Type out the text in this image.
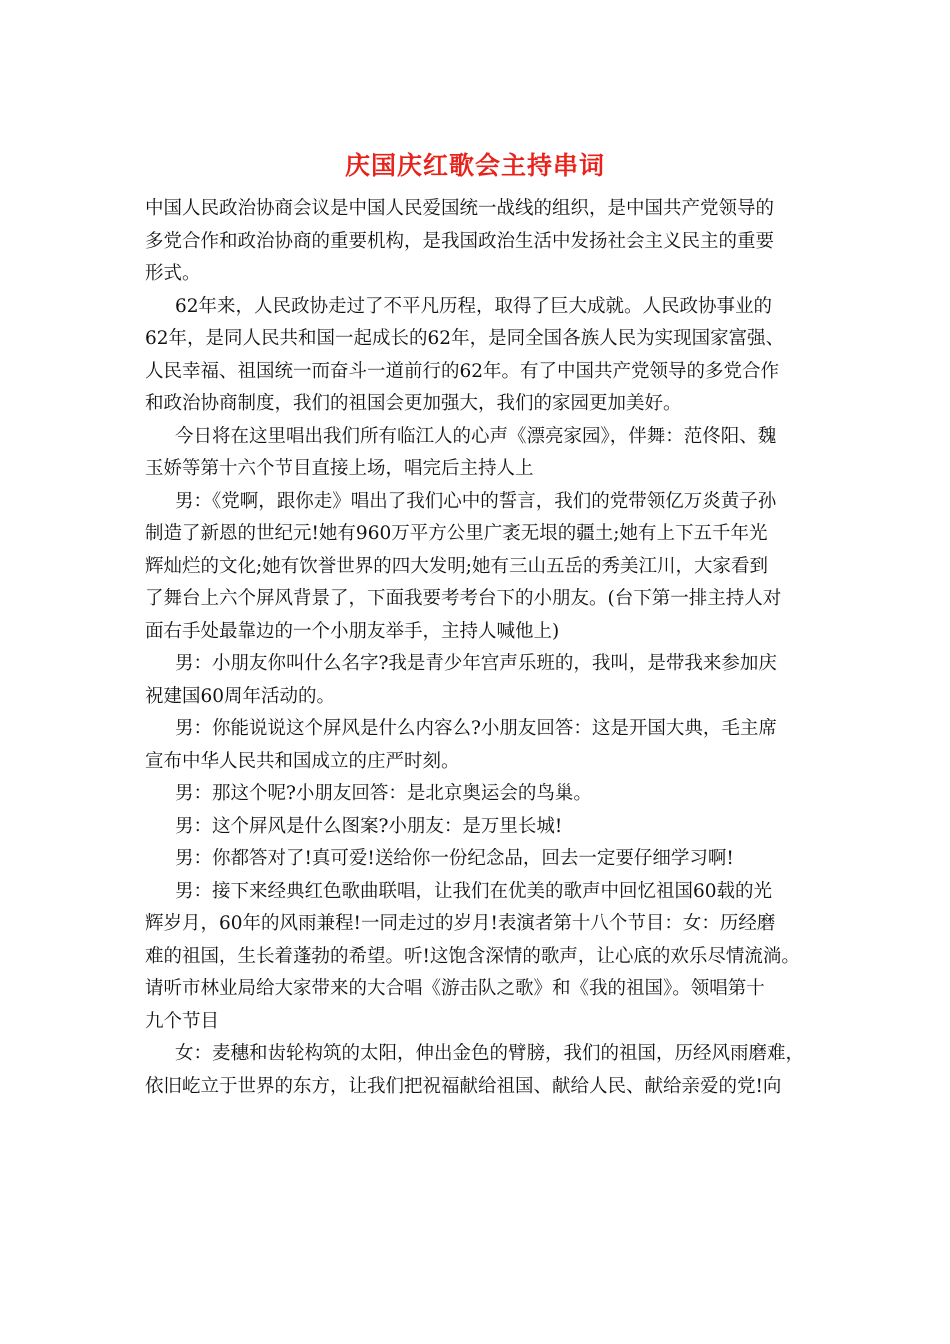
庆国庆红歌会主持串词
中国人民政治协商会议是中国人民爱国统一战线的组织，是中国共产党领导的
多党合作和政治协商的重要机构，是我国政治生活中发扬社会主义民主的重要
形式。
62年来，人民政协走过了不平凡历程，取得了巨大成就。人民政协事业的
62年，是同人民共和国一起成长的62年，是同全国各族人民为实现国家富强、
人民幸福、祖国统一而奋斗一道前行的62年。有了中国共产党领导的多党合作
和政治协商制度，我们的祖国会更加强大，我们的家园更加美好。
今日将在这里唱出我们所有临江人的心声《漂亮家园》，伴舞：范佟阳、魏
玉娇等第十六个节目直接上场，唱完后主持人上
男：《党啊，跟你走》唱出了我们心中的誓言，我们的党带领亿万炎黄子孙
制造了新恩的世纪元!她有960万平方公里广袤无垠的疆土;她有上下五千年光
辉灿烂的文化;她有饮誉世界的四大发明;她有三山五岳的秀美江川，大家看到
了舞台上六个屏风背景了，下面我要考考台下的小朋友。(台下第一排主持人对
面右手处最靠边的一个小朋友举手，主持人喊他上)
男：小朋友你叫什么名字?我是青少年宫声乐班的，我叫，是带我来参加庆
祝建国60周年活动的。
男：你能说说这个屏风是什么内容么?小朋友回答：这是开国大典，毛主席
宣布中华人民共和国成立的庄严时刻。
男：那这个呢?小朋友回答：是北京奥运会的鸟巢。
男：这个屏风是什么图案?小朋友：是万里长城!
男：你都答对了!真可爱!送给你一份纪念品，回去一定要仔细学习啊!
男：接下来经典红色歌曲联唱，让我们在优美的歌声中回忆祖国60载的光
辉岁月，60年的风雨兼程!一同走过的岁月!表演者第十八个节目：女：历经磨
难的祖国，生长着蓬勃的希望。听!这饱含深情的歌声，让心底的欢乐尽情流淌。
请听市林业局给大家带来的大合唱《游击队之歌》和《我的祖国》。领唱第十
九个节目
女：麦穗和齿轮构筑的太阳，伸出金色的臂膀，我们的祖国，历经风雨磨难，
依旧屹立于世界的东方，让我们把祝福献给祖国、献给人民、献给亲爱的党!向
